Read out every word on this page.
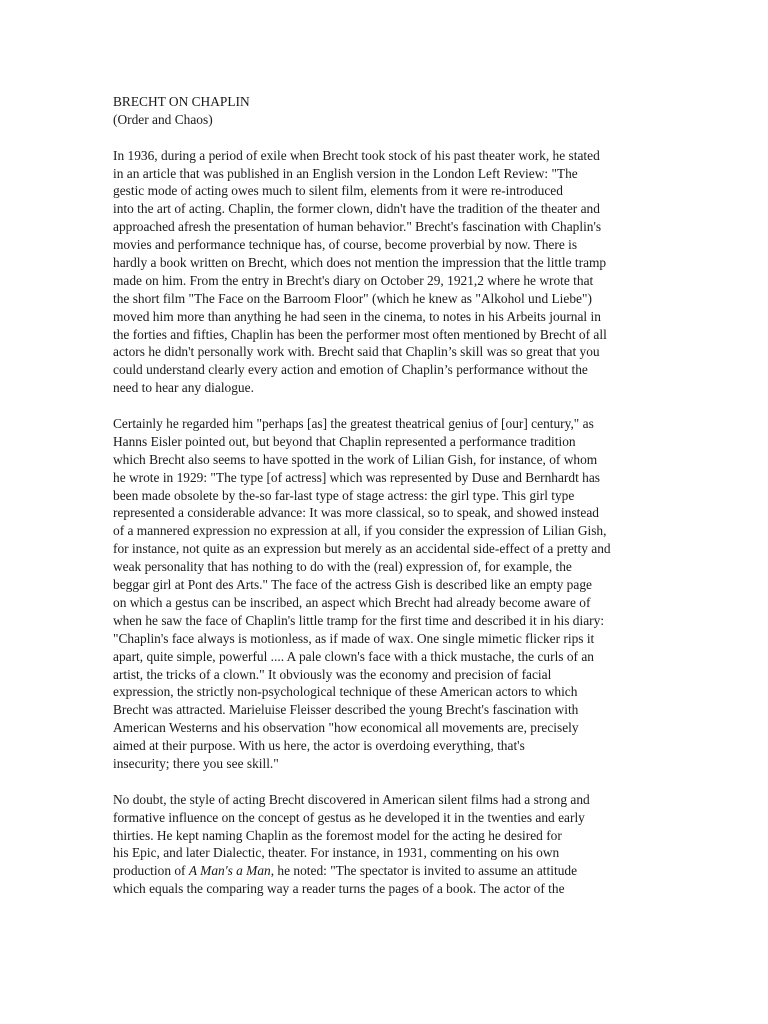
BRECHT ON CHAPLIN
(Order and Chaos)
In 1936, during a period of exile when Brecht took stock of his past theater work, he stated
in an article that was published in an English version in the London Left Review: "The
gestic mode of acting owes much to silent film, elements from it were re-introduced
into the art of acting. Chaplin, the former clown, didn't have the tradition of the theater and
approached afresh the presentation of human behavior." Brecht's fascination with Chaplin's
movies and performance technique has, of course, become proverbial by now. There is
hardly a book written on Brecht, which does not mention the impression that the little tramp
made on him. From the entry in Brecht's diary on October 29, 1921,2 where he wrote that
the short film "The Face on the Barroom Floor" (which he knew as "Alkohol und Liebe")
moved him more than anything he had seen in the cinema, to notes in his Arbeits journal in
the forties and fifties, Chaplin has been the performer most often mentioned by Brecht of all
actors he didn't personally work with. Brecht said that Chaplin’s skill was so great that you
could understand clearly every action and emotion of Chaplin’s performance without the
need to hear any dialogue.
Certainly he regarded him "perhaps [as] the greatest theatrical genius of [our] century," as
Hanns Eisler pointed out, but beyond that Chaplin represented a performance tradition
which Brecht also seems to have spotted in the work of Lilian Gish, for instance, of whom
he wrote in 1929: "The type [of actress] which was represented by Duse and Bernhardt has
been made obsolete by the-so far-last type of stage actress: the girl type. This girl type
represented a considerable advance: It was more classical, so to speak, and showed instead
of a mannered expression no expression at all, if you consider the expression of Lilian Gish,
for instance, not quite as an expression but merely as an accidental side-effect of a pretty and
weak personality that has nothing to do with the (real) expression of, for example, the
beggar girl at Pont des Arts." The face of the actress Gish is described like an empty page
on which a gestus can be inscribed, an aspect which Brecht had already become aware of
when he saw the face of Chaplin's little tramp for the first time and described it in his diary:
"Chaplin's face always is motionless, as if made of wax. One single mimetic flicker rips it
apart, quite simple, powerful .... A pale clown's face with a thick mustache, the curls of an
artist, the tricks of a clown." It obviously was the economy and precision of facial
expression, the strictly non-psychological technique of these American actors to which
Brecht was attracted. Marieluise Fleisser described the young Brecht's fascination with
American Westerns and his observation "how economical all movements are, precisely
aimed at their purpose. With us here, the actor is overdoing everything, that's
insecurity; there you see skill."
No doubt, the style of acting Brecht discovered in American silent films had a strong and
formative influence on the concept of gestus as he developed it in the twenties and early
thirties. He kept naming Chaplin as the foremost model for the acting he desired for
his Epic, and later Dialectic, theater. For instance, in 1931, commenting on his own
production of A Man's a Man, he noted: "The spectator is invited to assume an attitude
which equals the comparing way a reader turns the pages of a book. The actor of the
